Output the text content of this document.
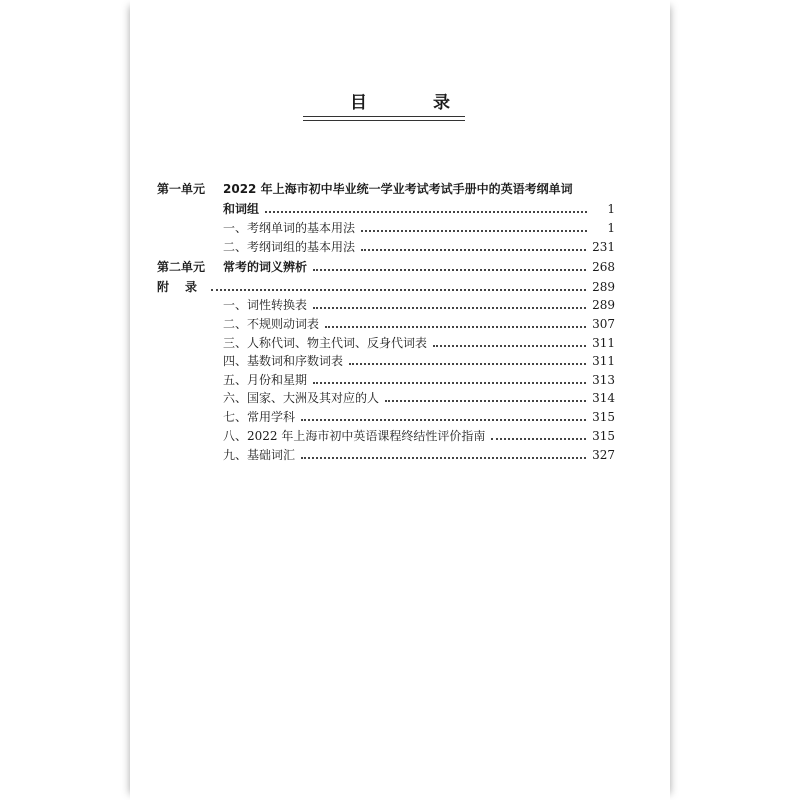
目 录
第一单元	2022 年上海市初中毕业统一学业考试考试手册中的英语考纲单词
和词组	1
一、考纲单词的基本用法	1
二、考纲词组的基本用法	231
第二单元	常考的词义辨析	268
附　录	289
一、词性转换表	289
二、不规则动词表	307
三、人称代词、物主代词、反身代词表	311
四、基数词和序数词表	311
五、月份和星期	313
六、国家、大洲及其对应的人	314
七、常用学科	315
八、2022 年上海市初中英语课程终结性评价指南	315
九、基础词汇	327
